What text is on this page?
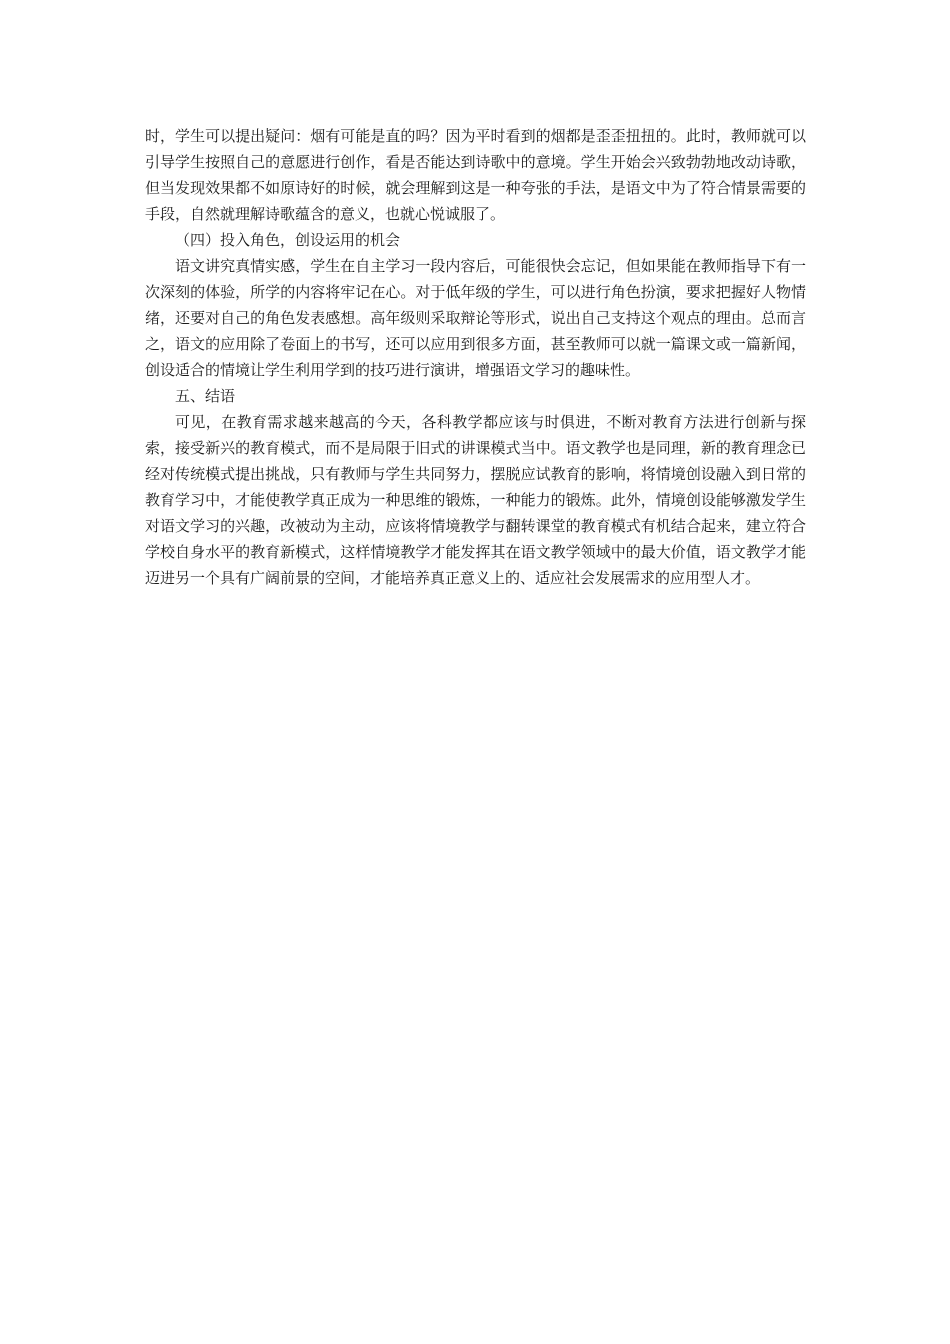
时，学生可以提出疑问：烟有可能是直的吗？因为平时看到的烟都是歪歪扭扭的。此时，教师就可以引导学生按照自己的意愿进行创作，看是否能达到诗歌中的意境。学生开始会兴致勃勃地改动诗歌，但当发现效果都不如原诗好的时候，就会理解到这是一种夸张的手法，是语文中为了符合情景需要的手段，自然就理解诗歌蕴含的意义，也就心悦诚服了。

（四）投入角色，创设运用的机会

语文讲究真情实感，学生在自主学习一段内容后，可能很快会忘记，但如果能在教师指导下有一次深刻的体验，所学的内容将牢记在心。对于低年级的学生，可以进行角色扮演，要求把握好人物情绪，还要对自己的角色发表感想。高年级则采取辩论等形式，说出自己支持这个观点的理由。总而言之，语文的应用除了卷面上的书写，还可以应用到很多方面，甚至教师可以就一篇课文或一篇新闻，创设适合的情境让学生利用学到的技巧进行演讲，增强语文学习的趣味性。

五、结语

可见，在教育需求越来越高的今天，各科教学都应该与时俱进，不断对教育方法进行创新与探索，接受新兴的教育模式，而不是局限于旧式的讲课模式当中。语文教学也是同理，新的教育理念已经对传统模式提出挑战，只有教师与学生共同努力，摆脱应试教育的影响，将情境创设融入到日常的教育学习中，才能使教学真正成为一种思维的锻炼，一种能力的锻炼。此外，情境创设能够激发学生对语文学习的兴趣，改被动为主动，应该将情境教学与翻转课堂的教育模式有机结合起来，建立符合学校自身水平的教育新模式，这样情境教学才能发挥其在语文教学领域中的最大价值，语文教学才能迈进另一个具有广阔前景的空间，才能培养真正意义上的、适应社会发展需求的应用型人才。
